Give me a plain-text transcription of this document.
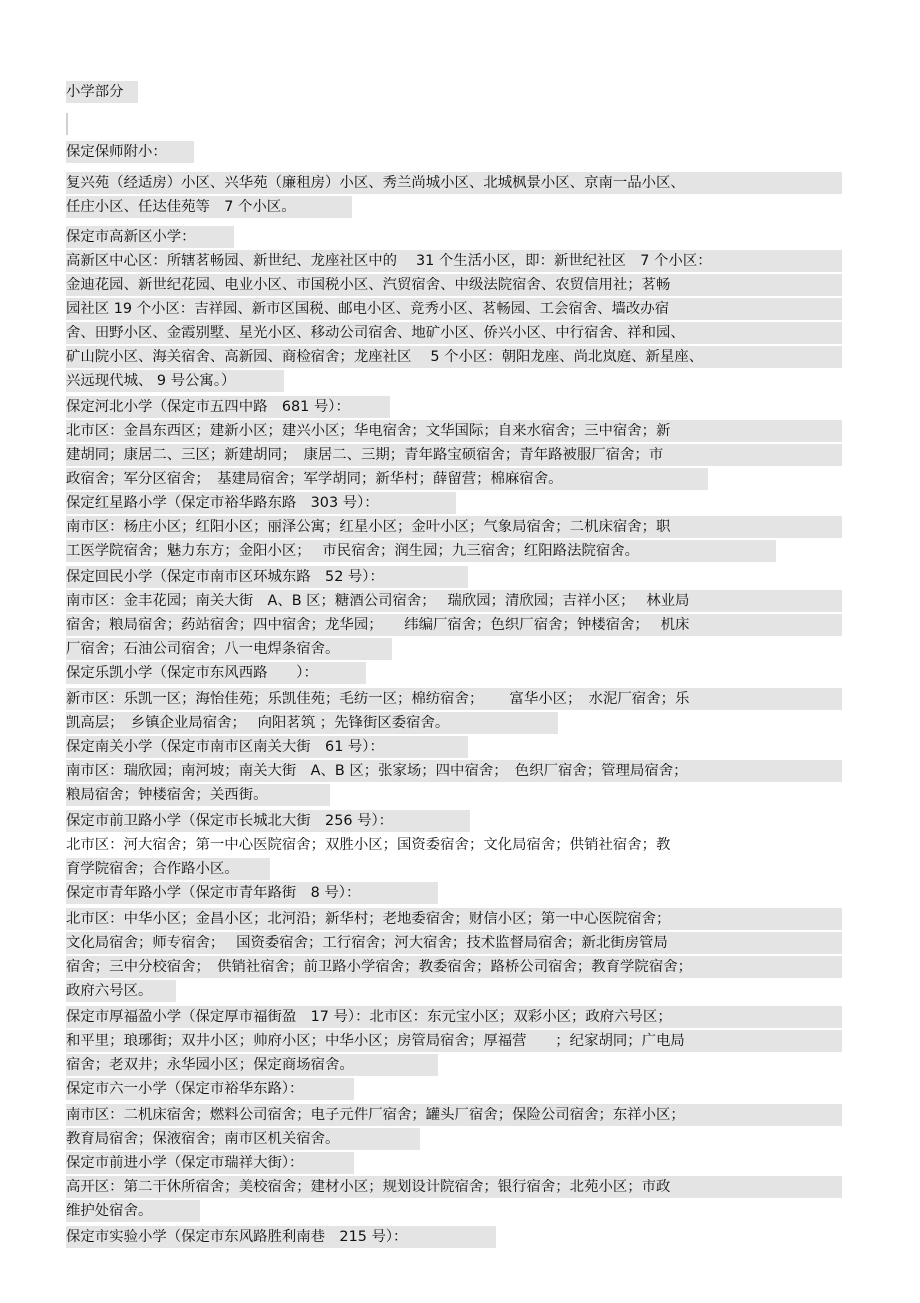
小学部分
保定保师附小：
复兴苑（经适房）小区、兴华苑（廉租房）小区、秀兰尚城小区、北城枫景小区、京南一品小区、
任庄小区、任达佳苑等　7 个小区。
保定市高新区小学：
高新区中心区：所辖茗畅园、新世纪、龙座社区中的　 31 个生活小区，即：新世纪社区　7 个小区：
金迪花园、新世纪花园、电业小区、市国税小区、汽贸宿舍、中级法院宿舍、农贸信用社；茗畅
园社区 19 个小区：吉祥园、新市区国税、邮电小区、竞秀小区、茗畅园、工会宿舍、墙改办宿
舍、田野小区、金霞别墅、星光小区、移动公司宿舍、地矿小区、侨兴小区、中行宿舍、祥和园、
矿山院小区、海关宿舍、高新园、商检宿舍；龙座社区　 5 个小区：朝阳龙座、尚北岚庭、新星座、
兴远现代城、 9 号公寓。）
保定河北小学（保定市五四中路　681 号）：
北市区：金昌东西区；建新小区；建兴小区；华电宿舍；文华国际；自来水宿舍；三中宿舍；新
建胡同；康居二、三区；新建胡同；　康居二、三期；青年路宝硕宿舍；青年路被服厂宿舍；市
政宿舍；军分区宿舍；　基建局宿舍；军学胡同；新华村；薛留营；棉麻宿舍。
保定红星路小学（保定市裕华路东路　303 号）：
南市区：杨庄小区；红阳小区；丽泽公寓；红星小区；金叶小区；气象局宿舍；二机床宿舍；职
工医学院宿舍；魅力东方；金阳小区；　 市民宿舍；润生园；九三宿舍；红阳路法院宿舍。
保定回民小学（保定市南市区环城东路　52 号）：
南市区：金丰花园；南关大街　A、B 区；糖酒公司宿舍；　 瑞欣园；清欣园；吉祥小区；　 林业局
宿舍；粮局宿舍；药站宿舍；四中宿舍；龙华园；　　纬编厂宿舍；色织厂宿舍；钟楼宿舍；　 机床
厂宿舍；石油公司宿舍；八一电焊条宿舍。
保定乐凯小学（保定市东风西路　　）：
新市区：乐凯一区；海怡佳苑；乐凯佳苑；毛纺一区；棉纺宿舍；　　 富华小区；　水泥厂宿舍；乐
凯高层；　乡镇企业局宿舍；　 向阳茗筑 ；先锋街区委宿舍。
保定南关小学（保定市南市区南关大街　61 号）：
南市区：瑞欣园；南河坡；南关大街　A、B 区；张家场；四中宿舍；　色织厂宿舍；管理局宿舍；
粮局宿舍；钟楼宿舍；关西街。
保定市前卫路小学（保定市长城北大街　256 号）：
北市区：河大宿舍；第一中心医院宿舍；双胜小区；国资委宿舍；文化局宿舍；供销社宿舍；教
育学院宿舍；合作路小区。
保定市青年路小学（保定市青年路街　8 号）：
北市区：中华小区；金昌小区；北河沿；新华村；老地委宿舍；财信小区；第一中心医院宿舍；
文化局宿舍；师专宿舍；　 国资委宿舍；工行宿舍；河大宿舍；技术监督局宿舍；新北街房管局
宿舍；三中分校宿舍；　供销社宿舍；前卫路小学宿舍；教委宿舍；路桥公司宿舍；教育学院宿舍；
政府六号区。
保定市厚福盈小学（保定厚市福街盈　17 号）：北市区：东元宝小区；双彩小区；政府六号区；
和平里；琅琊街；双井小区；帅府小区；中华小区；房管局宿舍；厚福营　　；纪家胡同；广电局
宿舍；老双井；永华园小区；保定商场宿舍。
保定市六一小学（保定市裕华东路）：
南市区：二机床宿舍；燃料公司宿舍；电子元件厂宿舍；罐头厂宿舍；保险公司宿舍；东祥小区；
教育局宿舍；保液宿舍；南市区机关宿舍。
保定市前进小学（保定市瑞祥大街）：
高开区：第二干休所宿舍；美校宿舍；建材小区；规划设计院宿舍；银行宿舍；北苑小区；市政
维护处宿舍。
保定市实验小学（保定市东风路胜利南巷　215 号）：
